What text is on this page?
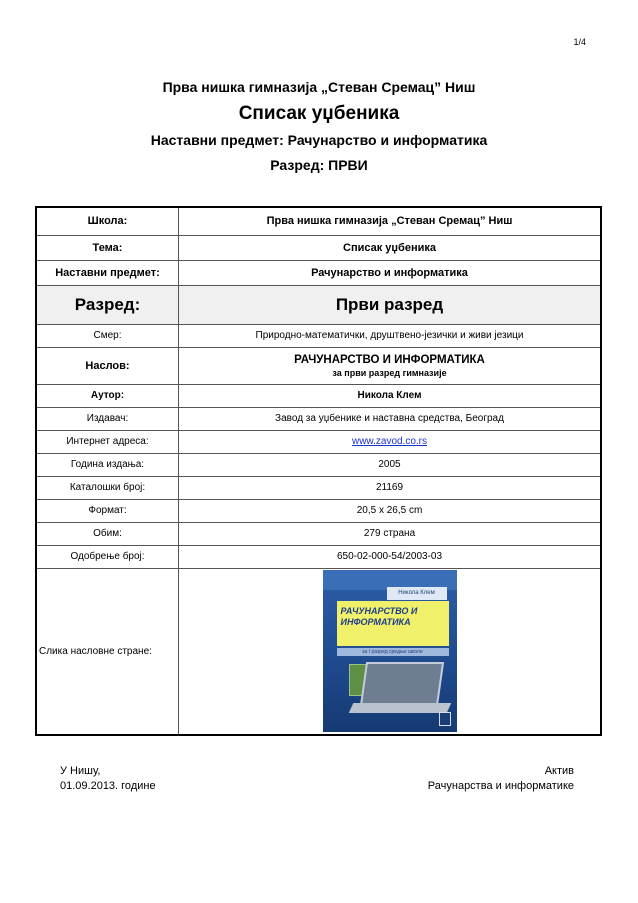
1/4
Прва нишка гимназија „Стеван Сремац” Ниш
Списак уџбеника
Наставни предмет: Рачунарство и информатика
Разред: ПРВИ
Школа:	Прва нишка гимназија „Стеван Сремац” Ниш
Тема:	Списак уџбеника
Наставни предмет:	Рачунарство и информатика
Разред:	Први разред
Смер:	Природно-математички, друштвено-језички и живи језици
Наслов:	РАЧУНАРСТВО И ИНФОРМАТИКА
за први разред гимназије

Аутор:	Никола Клем
Издавач:	Завод за уџбенике и наставна средства, Београд
Интернет адреса:	www.zavod.co.rs
Година издања:	2005
Каталошки број:	21169
Формат:	20,5 x 26,5 cm
Обим:	279 страна
Одобрење број:	650-02-000-54/2003-03
Слика насловне стране:	Никола Клем
РАЧУНАРСТВО И ИНФОРМАТИКА
за I разред средње школе
У Нишу,
01.09.2013. године
Актив
Рачунарства и информатике
